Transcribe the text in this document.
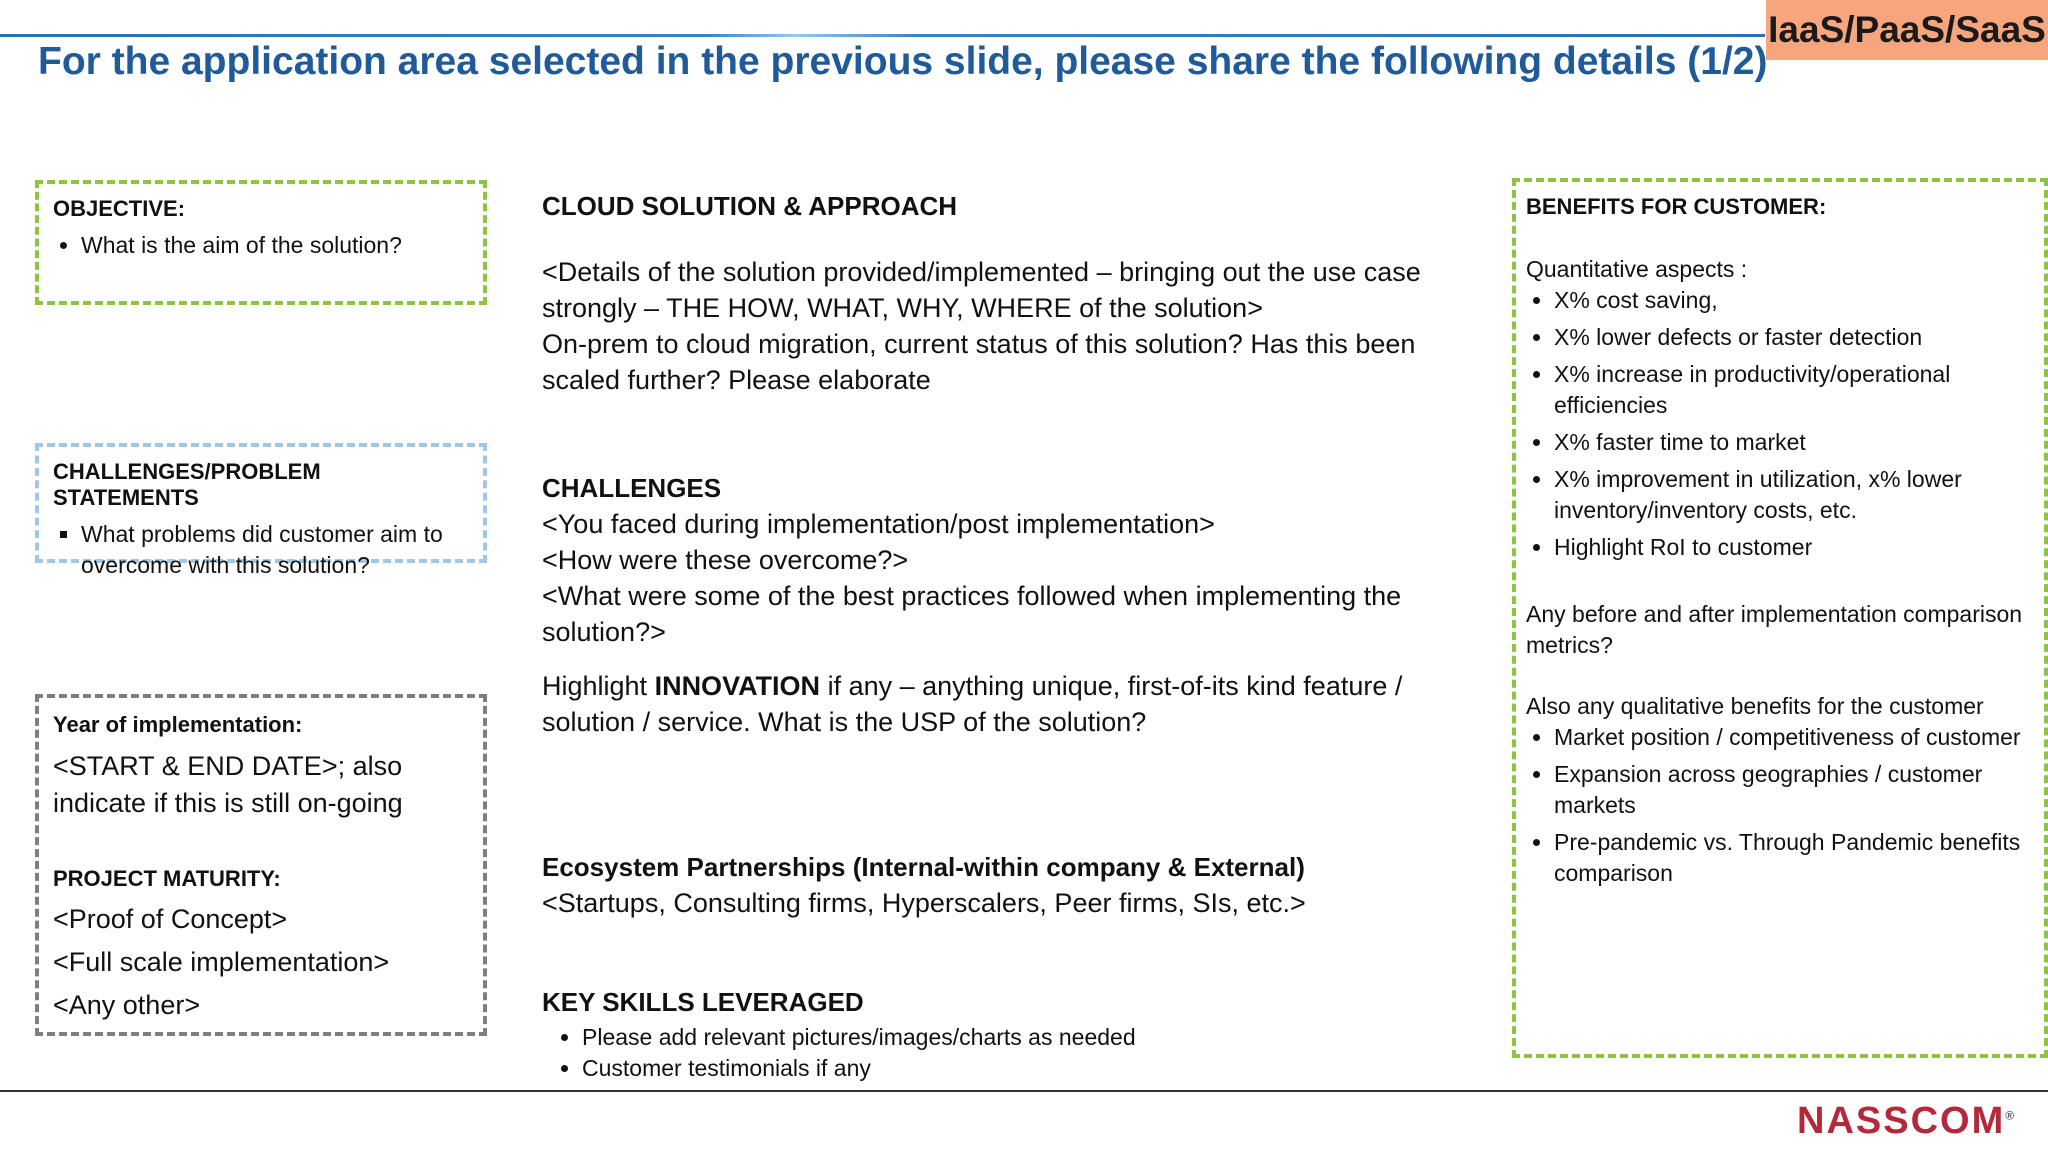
IaaS/PaaS/SaaS
For the application area selected in the previous slide, please share the following details (1/2)
OBJECTIVE:
• What is the aim of the solution?
CHALLENGES/PROBLEM STATEMENTS
▪ What problems did customer aim to overcome with this solution?
Year of implementation:
<START & END DATE>; also indicate if this is still on-going
PROJECT MATURITY:
<Proof of Concept>
<Full scale implementation>
<Any other>

CLOUD SOLUTION & APPROACH

<Details of the solution provided/implemented – bringing out the use case strongly – THE HOW, WHAT, WHY, WHERE of the solution>

On-prem to cloud migration, current status of this solution? Has this been scaled further? Please elaborate

CHALLENGES

<You faced during implementation/post implementation>

<How were these overcome?>

<What were some of the best practices followed when implementing the solution?>

Highlight INNOVATION if any – anything unique, first-of-its kind feature / solution / service. What is the USP of the solution?

Ecosystem Partnerships (Internal-within company & External)

<Startups, Consulting firms, Hyperscalers, Peer firms, SIs, etc.>

KEY SKILLS LEVERAGED

• Please add relevant pictures/images/charts as needed
• Customer testimonials if any
BENEFITS FOR CUSTOMER:
Quantitative aspects :
• X% cost saving,
• X% lower defects or faster detection
• X% increase in productivity/operational efficiencies
• X% faster time to market
• X% improvement in utilization, x% lower inventory/inventory costs, etc.
• Highlight RoI to customer
Any before and after implementation comparison metrics?
Also any qualitative benefits for the customer
• Market position / competitiveness of customer
• Expansion across geographies / customer markets
• Pre-pandemic vs. Through Pandemic benefits comparison
NASSCOM®
